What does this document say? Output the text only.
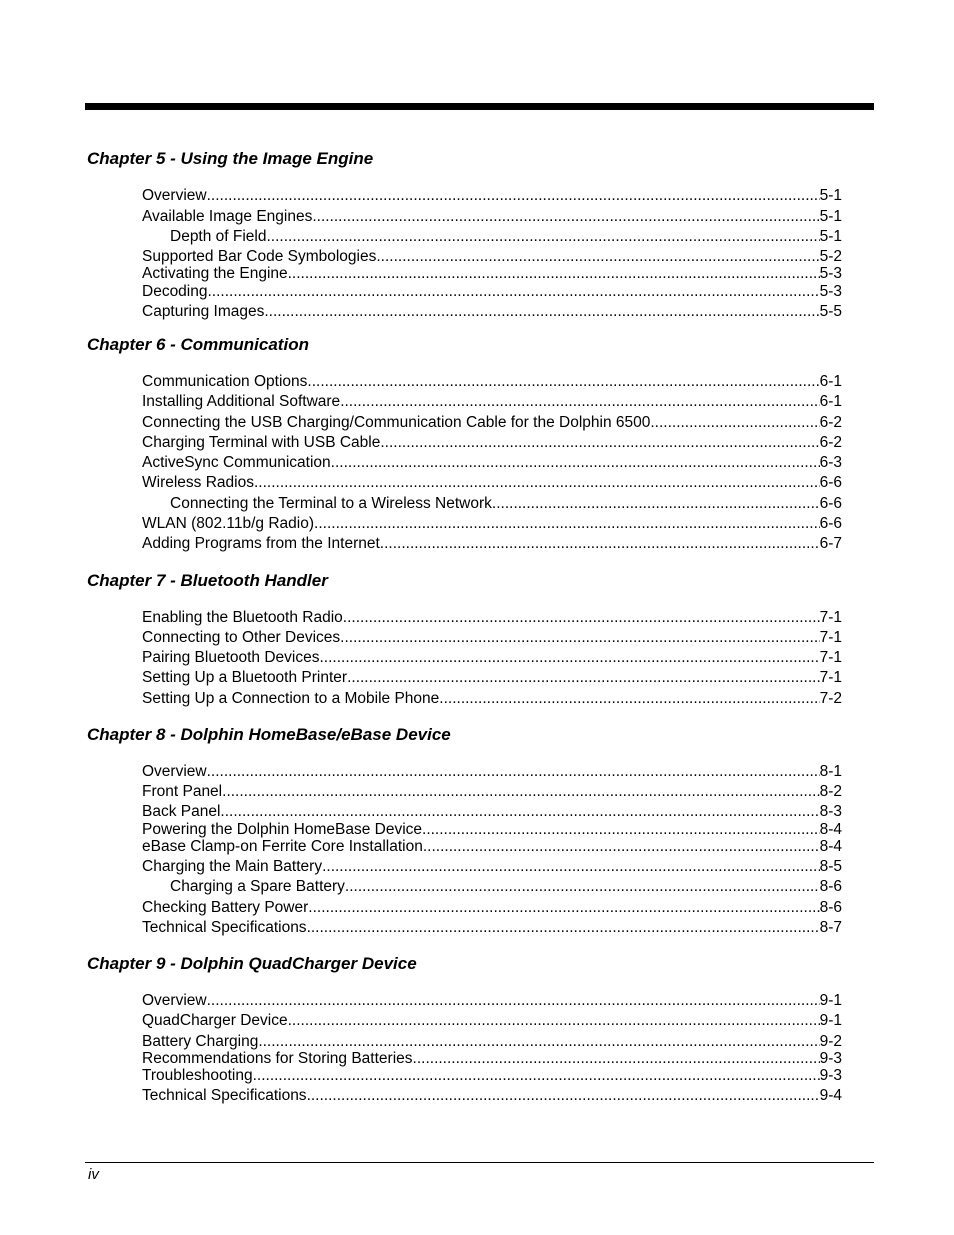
Chapter 5 - Using the Image Engine
Overview .....	5-1
Available Image Engines .....	5-1
Depth of Field .....	5-1
Supported Bar Code Symbologies .....	5-2
Activating the Engine .....	5-3
Decoding .....	5-3
Capturing Images .....	5-5
Chapter 6 - Communication
Communication Options .....	6-1
Installing Additional Software .....	6-1
Connecting the USB Charging/Communication Cable for the Dolphin 6500 .....	6-2
Charging Terminal with USB Cable .....	6-2
ActiveSync Communication .....	6-3
Wireless Radios .....	6-6
Connecting the Terminal to a Wireless Network .....	6-6
WLAN (802.11b/g Radio) .....	6-6
Adding Programs from the Internet .....	6-7
Chapter 7 - Bluetooth Handler
Enabling the Bluetooth Radio .....	7-1
Connecting to Other Devices .....	7-1
Pairing Bluetooth Devices .....	7-1
Setting Up a Bluetooth Printer .....	7-1
Setting Up a Connection to a Mobile Phone .....	7-2
Chapter 8 - Dolphin HomeBase/eBase Device
Overview .....	8-1
Front Panel .....	8-2
Back Panel .....	8-3
Powering the Dolphin HomeBase Device .....	8-4
eBase Clamp-on Ferrite Core Installation .....	8-4
Charging the Main Battery .....	8-5
Charging a Spare Battery .....	8-6
Checking Battery Power .....	8-6
Technical Specifications .....	8-7
Chapter 9 - Dolphin QuadCharger Device
Overview .....	9-1
QuadCharger Device .....	9-1
Battery Charging .....	9-2
Recommendations for Storing Batteries .....	9-3
Troubleshooting .....	9-3
Technical Specifications .....	9-4
iv
